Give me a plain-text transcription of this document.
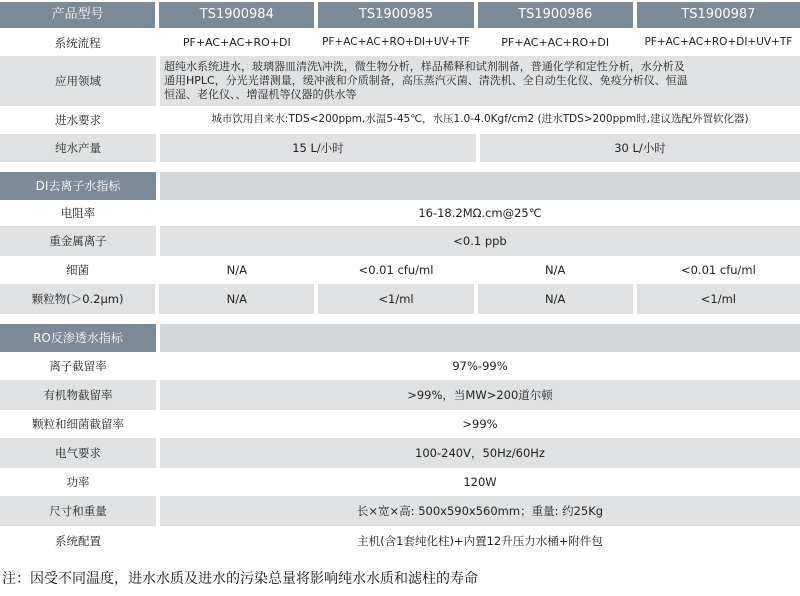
产品型号	TS1900984	TS1900985	TS1900986	TS1900987
系统流程	PF+AC+AC+RO+DI	PF+AC+AC+RO+DI+UV+TF	PF+AC+AC+RO+DI	PF+AC+AC+RO+DI+UV+TF
应用领域
超纯水系统进水，玻璃器皿清洗\冲洗，微生物分析，样品稀释和试剂制备，普通化学和定性分析，水分析及
通用HPLC，分光光谱测量，缓冲液和介质制备，高压蒸汽灭菌、清洗机、全自动生化仪、免疫分析仪、恒温
恒湿、老化仪、、增湿机等仪器的供水等
进水要求	城市饮用自来水:TDS<200ppm,水温5-45℃，水压1.0-4.0Kgf/cm2 (进水TDS>200ppm时,建议选配外置软化器)
纯水产量	15 L/小时	30 L/小时
DI去离子水指标
电阻率	16-18.2MΩ.cm@25℃
重金属离子	<0.1 ppb
细菌	N/A	<0.01 cfu/ml	N/A	<0.01 cfu/ml
颗粒物(＞0.2μm)	N/A	<1/ml	N/A	<1/ml
RO反渗透水指标
离子截留率	97%-99%
有机物截留率	>99%，当MW>200道尔顿
颗粒和细菌截留率	>99%
电气要求	100-240V，50Hz/60Hz
功率	120W
尺寸和重量	长×宽×高: 500x590x560mm；重量: 约25Kg
系统配置	主机(含1套纯化柱)+内置12升压力水桶+附件包
注：因受不同温度，进水水质及进水的污染总量将影响纯水水质和滤柱的寿命
